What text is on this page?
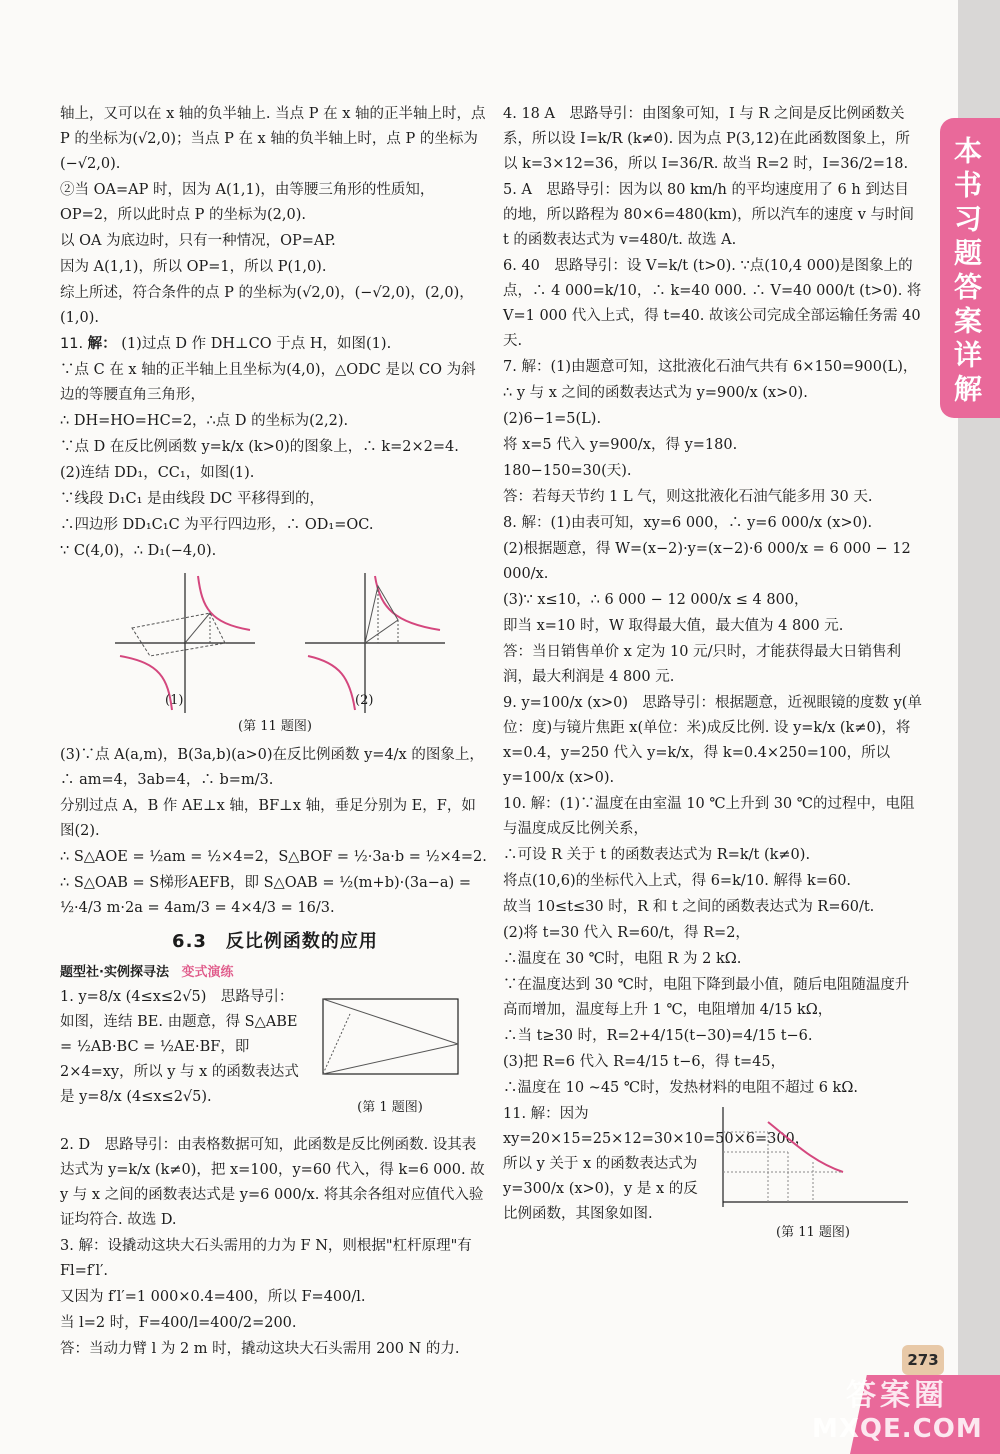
本书习题答案详解
轴上，又可以在 x 轴的负半轴上. 当点 P 在 x 轴的正半轴上时，点 P 的坐标为(√2,0)；当点 P 在 x 轴的负半轴上时，点 P 的坐标为(−√2,0).
②当 OA=AP 时，因为 A(1,1)，由等腰三角形的性质知，OP=2，所以此时点 P 的坐标为(2,0).
以 OA 为底边时，只有一种情况，OP=AP.
因为 A(1,1)，所以 OP=1，所以 P(1,0).
综上所述，符合条件的点 P 的坐标为(√2,0)，(−√2,0)，(2,0)，(1,0).
11. 解： (1)过点 D 作 DH⊥CO 于点 H，如图(1).
∵点 C 在 x 轴的正半轴上且坐标为(4,0)，△ODC 是以 CO 为斜边的等腰直角三角形，
∴ DH=HO=HC=2，∴点 D 的坐标为(2,2).
∵点 D 在反比例函数 y=k/x (k>0)的图象上，∴ k=2×2=4.
(2)连结 DD₁，CC₁，如图(1).
∵线段 D₁C₁ 是由线段 DC 平移得到的，
∴四边形 DD₁C₁C 为平行四边形，∴ OD₁=OC.
∵ C(4,0)，∴ D₁(−4,0).
(1)	(2)
(第 11 题图)
(3)∵点 A(a,m)，B(3a,b)(a>0)在反比例函数 y=4/x 的图象上，∴ am=4，3ab=4，∴ b=m/3.
分别过点 A，B 作 AE⊥x 轴，BF⊥x 轴，垂足分别为 E，F，如图(2).
∴ S△AOE = ½am = ½×4=2，S△BOF = ½·3a·b = ½×4=2.
∴ S△OAB = S梯形AEFB，即 S△OAB = ½(m+b)·(3a−a) = ½·4/3 m·2a = 4am/3 = 4×4/3 = 16/3.
6.3　反比例函数的应用
题型社·实例探寻法 变式演练
1. y=8/x (4≤x≤2√5)　思路导引：如图，连结 BE. 由题意，得 S△ABE = ½AB·BC = ½AE·BF，即 2×4=xy，所以 y 与 x 的函数表达式是 y=8/x (4≤x≤2√5).
(第 1 题图)
2. D　思路导引：由表格数据可知，此函数是反比例函数. 设其表达式为 y=k/x (k≠0)，把 x=100，y=60 代入，得 k=6 000. 故 y 与 x 之间的函数表达式是 y=6 000/x. 将其余各组对应值代入验证均符合. 故选 D.
3. 解：设撬动这块大石头需用的力为 F N，则根据"杠杆原理"有 Fl=f′l′.
又因为 f′l′=1 000×0.4=400，所以 F=400/l.
当 l=2 时，F=400/l=400/2=200.
答：当动力臂 l 为 2 m 时，撬动这块大石头需用 200 N 的力.
4. 18 A　思路导引：由图象可知，I 与 R 之间是反比例函数关系，所以设 I=k/R (k≠0). 因为点 P(3,12)在此函数图象上，所以 k=3×12=36，所以 I=36/R. 故当 R=2 时，I=36/2=18.
5. A　思路导引：因为以 80 km/h 的平均速度用了 6 h 到达目的地，所以路程为 80×6=480(km)，所以汽车的速度 v 与时间 t 的函数表达式为 v=480/t. 故选 A.
6. 40　思路导引：设 V=k/t (t>0). ∵点(10,4 000)是图象上的点，∴ 4 000=k/10，∴ k=40 000. ∴ V=40 000/t (t>0). 将 V=1 000 代入上式，得 t=40. 故该公司完成全部运输任务需 40 天.
7. 解：(1)由题意可知，这批液化石油气共有 6×150=900(L)，
∴ y 与 x 之间的函数表达式为 y=900/x (x>0).
(2)6−1=5(L).
将 x=5 代入 y=900/x，得 y=180.
180−150=30(天).
答：若每天节约 1 L 气，则这批液化石油气能多用 30 天.
8. 解：(1)由表可知，xy=6 000，∴ y=6 000/x (x>0).
(2)根据题意，得 W=(x−2)·y=(x−2)·6 000/x = 6 000 − 12 000/x.
(3)∵ x≤10，∴ 6 000 − 12 000/x ≤ 4 800，
即当 x=10 时，W 取得最大值，最大值为 4 800 元.
答：当日销售单价 x 定为 10 元/只时，才能获得最大日销售利润，最大利润是 4 800 元.
9. y=100/x (x>0)　思路导引：根据题意，近视眼镜的度数 y(单位：度)与镜片焦距 x(单位：米)成反比例. 设 y=k/x (k≠0)，将 x=0.4，y=250 代入 y=k/x，得 k=0.4×250=100，所以 y=100/x (x>0).
10. 解：(1)∵温度在由室温 10 ℃上升到 30 ℃的过程中，电阻与温度成反比例关系，
∴可设 R 关于 t 的函数表达式为 R=k/t (k≠0).
将点(10,6)的坐标代入上式，得 6=k/10. 解得 k=60.
故当 10≤t≤30 时，R 和 t 之间的函数表达式为 R=60/t.
(2)将 t=30 代入 R=60/t，得 R=2，
∴温度在 30 ℃时，电阻 R 为 2 kΩ.
∵在温度达到 30 ℃时，电阻下降到最小值，随后电阻随温度升高而增加，温度每上升 1 ℃，电阻增加 4/15 kΩ，
∴当 t≥30 时，R=2+4/15(t−30)=4/15 t−6.
(3)把 R=6 代入 R=4/15 t−6，得 t=45，
∴温度在 10 ~45 ℃时，发热材料的电阻不超过 6 kΩ.
11. 解：因为 xy=20×15=25×12=30×10=50×6=300，所以 y 关于 x 的函数表达式为 y=300/x (x>0)，y 是 x 的反比例函数，其图象如图.
(第 11 题图)
273
答案圈
MXQE.COM
